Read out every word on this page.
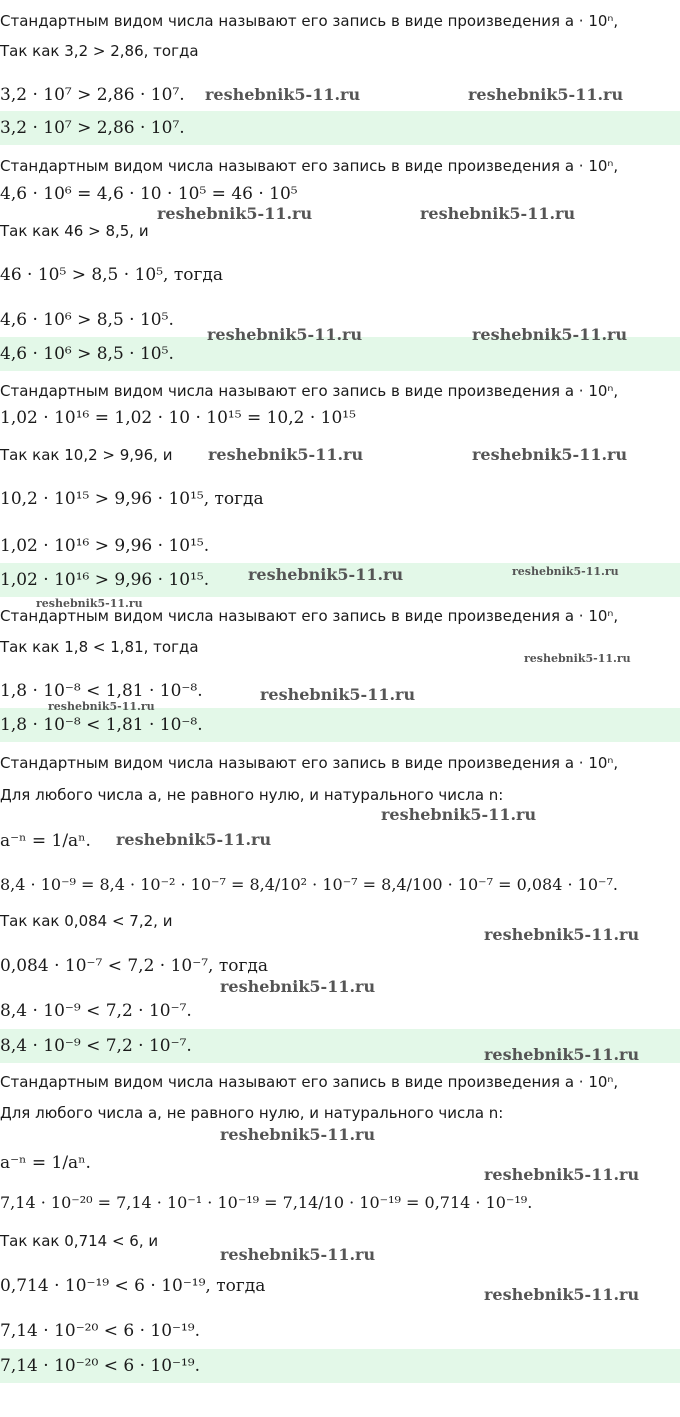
Стандартным видом числа называют его запись в виде произведения a · 10ⁿ,
Так как 3,2 > 2,86, тогда
3,2 · 10⁷ > 2,86 · 10⁷.
3,2 · 10⁷ > 2,86 · 10⁷.
Стандартным видом числа называют его запись в виде произведения a · 10ⁿ,
4,6 · 10⁶ = 4,6 · 10 · 10⁵ = 46 · 10⁵
Так как 46 > 8,5, и
46 · 10⁵ > 8,5 · 10⁵, тогда
4,6 · 10⁶ > 8,5 · 10⁵.
4,6 · 10⁶ > 8,5 · 10⁵.
Стандартным видом числа называют его запись в виде произведения a · 10ⁿ,
1,02 · 10¹⁶ = 1,02 · 10 · 10¹⁵ = 10,2 · 10¹⁵
Так как 10,2 > 9,96, и
10,2 · 10¹⁵ > 9,96 · 10¹⁵, тогда
1,02 · 10¹⁶ > 9,96 · 10¹⁵.
1,02 · 10¹⁶ > 9,96 · 10¹⁵.
Стандартным видом числа называют его запись в виде произведения a · 10ⁿ,
Так как 1,8 < 1,81, тогда
1,8 · 10⁻⁸ < 1,81 · 10⁻⁸.
1,8 · 10⁻⁸ < 1,81 · 10⁻⁸.
Стандартным видом числа называют его запись в виде произведения a · 10ⁿ,
Для любого числа a, не равного нулю, и натурального числа n:
a⁻ⁿ = 1/aⁿ.
8,4 · 10⁻⁹ = 8,4 · 10⁻² · 10⁻⁷ = 8,4/10² · 10⁻⁷ = 8,4/100 · 10⁻⁷ = 0,084 · 10⁻⁷.
Так как 0,084 < 7,2, и
0,084 · 10⁻⁷ < 7,2 · 10⁻⁷, тогда
8,4 · 10⁻⁹ < 7,2 · 10⁻⁷.
8,4 · 10⁻⁹ < 7,2 · 10⁻⁷.
Стандартным видом числа называют его запись в виде произведения a · 10ⁿ,
Для любого числа a, не равного нулю, и натурального числа n:
a⁻ⁿ = 1/aⁿ.
7,14 · 10⁻²⁰ = 7,14 · 10⁻¹ · 10⁻¹⁹ = 7,14/10 · 10⁻¹⁹ = 0,714 · 10⁻¹⁹.
Так как 0,714 < 6, и
0,714 · 10⁻¹⁹ < 6 · 10⁻¹⁹, тогда
7,14 · 10⁻²⁰ < 6 · 10⁻¹⁹.
7,14 · 10⁻²⁰ < 6 · 10⁻¹⁹.
reshebnik5-11.ru	reshebnik5-11.ru
reshebnik5-11.ru	reshebnik5-11.ru
reshebnik5-11.ru	reshebnik5-11.ru
reshebnik5-11.ru	reshebnik5-11.ru
reshebnik5-11.ru	reshebnik5-11.ru
reshebnik5-11.ru
reshebnik5-11.ru
reshebnik5-11.ru
reshebnik5-11.ru
reshebnik5-11.ru
reshebnik5-11.ru
reshebnik5-11.ru
reshebnik5-11.ru
reshebnik5-11.ru
reshebnik5-11.ru
reshebnik5-11.ru
reshebnik5-11.ru
reshebnik5-11.ru
